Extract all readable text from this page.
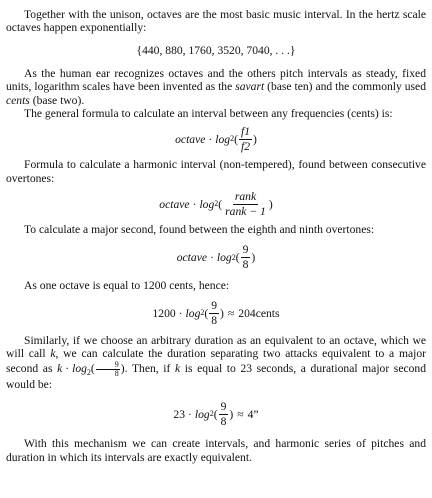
Together with the unison, octaves are the most basic music interval. In the hertz scale octaves happen exponentially:

{440, 880, 1760, 3520, 7040, . . .}

As the human ear recognizes octaves and the others pitch intervals as steady, fixed units, logarithm scales have been invented as the savart (base ten) and the commonly used cents (base two).

The general formula to calculate an interval between any frequencies (cents) is:

octave · log 2 ( $\frac{f1}{f2}$ )

Formula to calculate a harmonic interval (non-tempered), found between consecutive overtones:

octave · log 2 ( $\frac{\text{rank}}{\text{rank − 1}}$ )

To calculate a major second, found between the eighth and ninth overtones:

octave · log 2 ( $\frac{9}{8}$ )

As one octave is equal to 1200 cents, hence:

1200 · log 2 ( $\frac{9}{8}$ ) ≈ 204cents

Similarly, if we choose an arbitrary duration as an equivalent to an octave, which we will call k, we can calculate the duration separating two attacks equivalent to a major second as $k \cdot \log_2( \frac{9}{8}$ ). Then, if k is equal to 23 seconds, a durational major second would be:

23 · log 2 ( $\frac{9}{8}$ ) ≈ 4”

With this mechanism we can create intervals, and harmonic series of pitches and duration in which its intervals are exactly equivalent.
